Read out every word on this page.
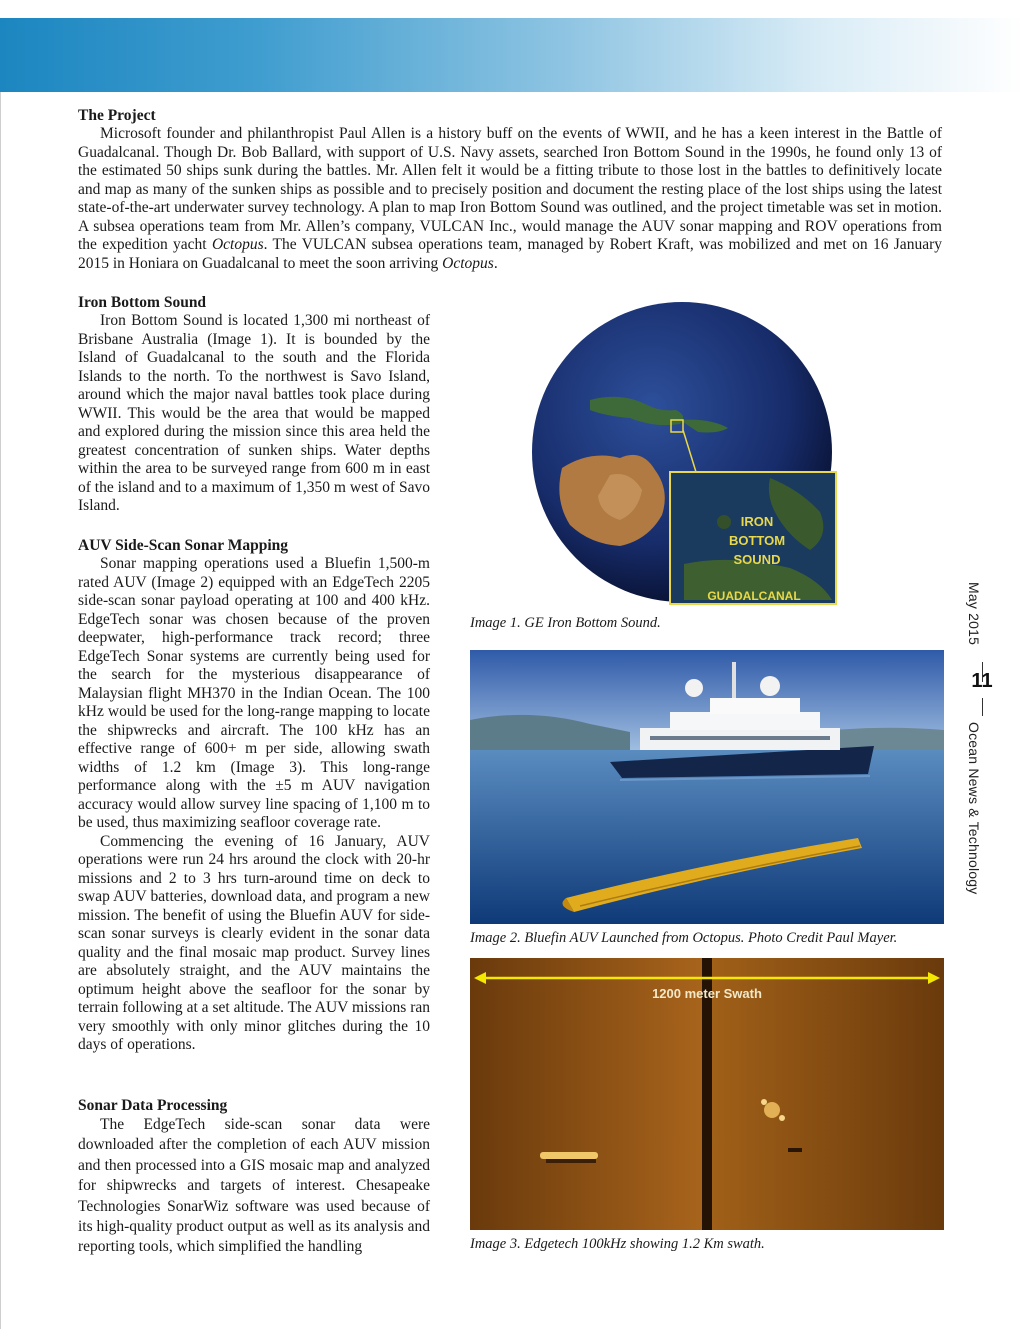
The Project

Microsoft founder and philanthropist Paul Allen is a history buff on the events of WWII, and he has a keen interest in the Battle of Guadalcanal. Though Dr. Bob Ballard, with support of U.S. Navy assets, searched Iron Bottom Sound in the 1990s, he found only 13 of the estimated 50 ships sunk during the battles. Mr. Allen felt it would be a fitting tribute to those lost in the battles to definitively locate and map as many of the sunken ships as possible and to precisely position and document the resting place of the lost ships using the latest state-of-the-art underwater survey technology. A plan to map Iron Bottom Sound was outlined, and the project timetable was set in motion. A subsea operations team from Mr. Allen’s company, VULCAN Inc., would manage the AUV sonar mapping and ROV operations from the expedition yacht Octopus. The VULCAN subsea operations team, managed by Robert Kraft, was mobilized and met on 16 January 2015 in Honiara on Guadalcanal to meet the soon arriving Octopus.

Iron Bottom Sound

Iron Bottom Sound is located 1,300 mi northeast of Brisbane Australia (Image 1). It is bounded by the Island of Guadalcanal to the south and the Florida Islands to the north. To the northwest is Savo Island, around which the major naval battles took place during WWII. This would be the area that would be mapped and explored during the mission since this area held the greatest concentration of sunken ships. Water depths within the area to be surveyed range from 600 m in east of the island and to a maximum of 1,350 m west of Savo Island.

AUV Side-Scan Sonar Mapping

Sonar mapping operations used a Bluefin 1,500-m rated AUV (Image 2) equipped with an EdgeTech 2205 side-scan sonar payload operating at 100 and 400 kHz. EdgeTech sonar was chosen because of the proven deepwater, high-performance track record; three EdgeTech Sonar systems are currently being used for the search for the mysterious disappearance of Malaysian flight MH370 in the Indian Ocean. The 100 kHz would be used for the long-range mapping to locate the shipwrecks and aircraft. The 100 kHz has an effective range of 600+ m per side, allowing swath widths of 1.2 km (Image 3). This long-range performance along with the ±5 m AUV navigation accuracy would allow survey line spacing of 1,100 m to be used, thus maximizing seafloor coverage rate.

Commencing the evening of 16 January, AUV operations were run 24 hrs around the clock with 20-hr missions and 2 to 3 hrs turn-around time on deck to swap AUV batteries, download data, and program a new mission. The benefit of using the Bluefin AUV for side-scan sonar surveys is clearly evident in the sonar data quality and the final mosaic map product. Survey lines are absolutely straight, and the AUV maintains the optimum height above the seafloor for the sonar by terrain following at a set altitude. The AUV missions ran very smoothly with only minor glitches during the 10 days of operations.

Sonar Data Processing

The EdgeTech side-scan sonar data were downloaded after the completion of each AUV mission and then processed into a GIS mosaic map and analyzed for shipwrecks and targets of interest. Chesapeake Technologies SonarWiz software was used because of its high-quality product output as well as its analysis and reporting tools, which simplified the handling

IRON
BOTTOM
SOUND
GUADALCANAL
Image 1. GE Iron Bottom Sound.
Image 2. Bluefin AUV Launched from Octopus. Photo Credit Paul Mayer.
1200 meter Swath
Image 3. Edgetech 100kHz showing 1.2 Km swath.
May 2015
11
Ocean News & Technology
